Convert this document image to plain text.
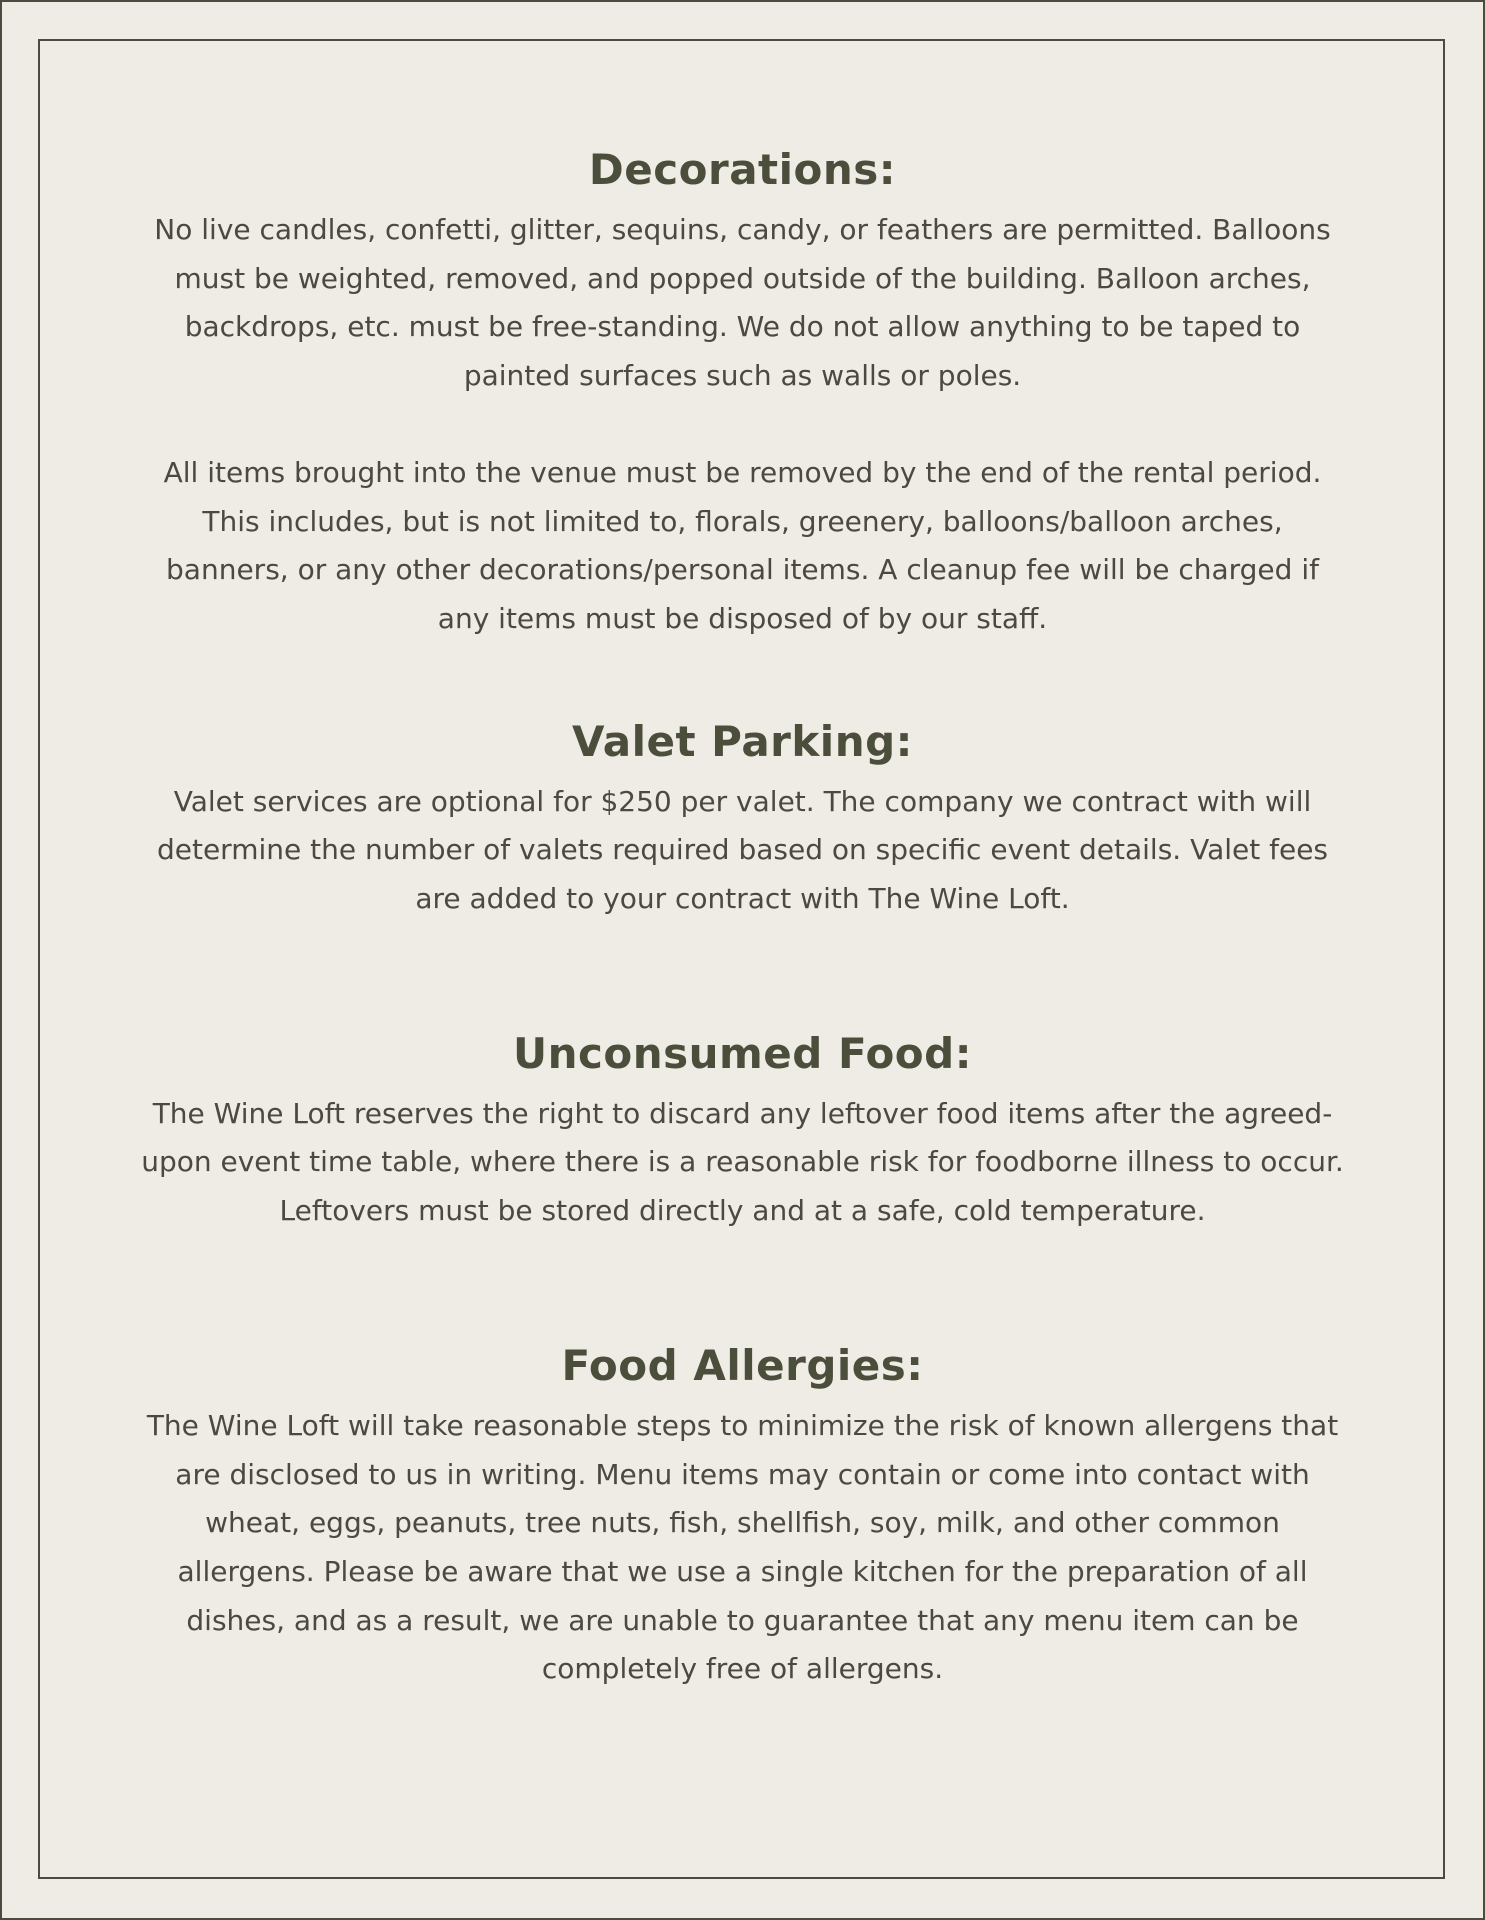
Decorations:

No live candles, confetti, glitter, sequins, candy, or feathers are permitted. Balloons must be weighted, removed, and popped outside of the building. Balloon arches, backdrops, etc. must be free-standing. We do not allow anything to be taped to painted surfaces such as walls or poles.

All items brought into the venue must be removed by the end of the rental period. This includes, but is not limited to, florals, greenery, balloons/balloon arches, banners, or any other decorations/personal items. A cleanup fee will be charged if any items must be disposed of by our staff.

Valet Parking:

Valet services are optional for $250 per valet. The company we contract with will determine the number of valets required based on specific event details. Valet fees are added to your contract with The Wine Loft.

Unconsumed Food:

The Wine Loft reserves the right to discard any leftover food items after the agreed-upon event time table, where there is a reasonable risk for foodborne illness to occur. Leftovers must be stored directly and at a safe, cold temperature.

Food Allergies:

The Wine Loft will take reasonable steps to minimize the risk of known allergens that are disclosed to us in writing. Menu items may contain or come into contact with wheat, eggs, peanuts, tree nuts, fish, shellfish, soy, milk, and other common allergens. Please be aware that we use a single kitchen for the preparation of all dishes, and as a result, we are unable to guarantee that any menu item can be completely free of allergens.
